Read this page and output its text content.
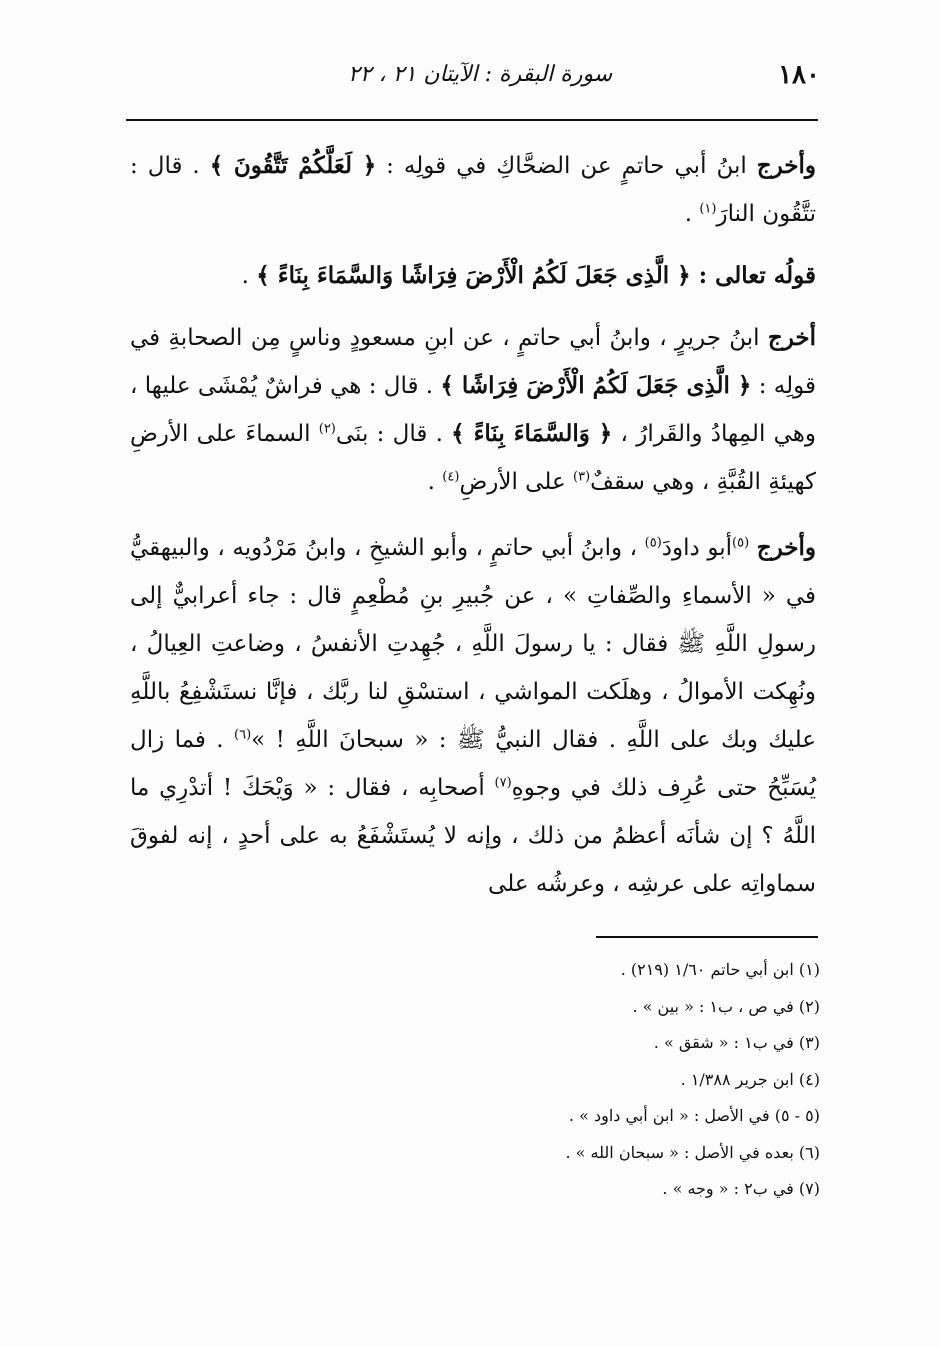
١٨٠
سورة البقرة : الآيتان ٢١ ، ٢٢

وأخرج ابنُ أبي حاتمٍ عن الضحَّاكِ في قولِه : ﴿ لَعَلَّكُمْ تَتَّقُونَ ﴾ . قال : تتَّقُون النارَ$^{(١)}$ .

قولُه تعالى : ﴿ الَّذِى جَعَلَ لَكُمُ الْأَرْضَ فِرَاشًا وَالسَّمَاءَ بِنَاءً ﴾ .

أخرج ابنُ جريرٍ ، وابنُ أبي حاتمٍ ، عن ابنِ مسعودٍ وناسٍ مِن الصحابةِ في قولِه : ﴿ الَّذِى جَعَلَ لَكُمُ الْأَرْضَ فِرَاشًا ﴾ . قال : هي فراشٌ يُمْشَى عليها ، وهي المِهادُ والقَرارُ ، ﴿ وَالسَّمَاءَ بِنَاءً ﴾ . قال : بنَى$^{(٢)}$ السماءَ على الأرضِ كهيئةِ القُبَّةِ ، وهي سقفٌ$^{(٣)}$ على الأرضِ$^{(٤)}$ .

وأخرج $^{(٥)}$أبو داودَ$^{(٥)}$ ، وابنُ أبي حاتمٍ ، وأبو الشيخِ ، وابنُ مَرْدُويه ، والبيهقيُّ في « الأسماءِ والصِّفاتِ » ، عن جُبيرِ بنِ مُطْعِمٍ قال : جاء أعرابيٌّ إلى رسولِ اللَّهِ ﷺ فقال : يا رسولَ اللَّهِ ، جُهِدتِ الأنفسُ ، وضاعتِ العِيالُ ، ونُهِكت الأموالُ ، وهلَكت المواشي ، استسْقِ لنا ربَّك ، فإنَّا نستَشْفِعُ باللَّهِ عليك وبك على اللَّهِ . فقال النبيُّ ﷺ : « سبحانَ اللَّهِ ! »$^{(٦)}$ . فما زال يُسَبِّحُ حتى عُرِف ذلك في وجوهِ$^{(٧)}$ أصحابِه ، فقال : « وَيْحَكَ ! أتدْرِي ما اللَّهُ ؟ إن شأنَه أعظمُ من ذلك ، وإنه لا يُستَشْفَعُ به على أحدٍ ، إنه لفوقَ سماواتِه على عرشِه ، وعرشُه على

(١) ابن أبي حاتم ١/٦٠ (٢١٩) .

(٢) في ص ، ب١ : « بين » .

(٣) في ب١ : « شقق » .

(٤) ابن جرير ١/٣٨٨ .

(٥ - ٥) في الأصل : « ابن أبي داود » .

(٦) بعده في الأصل : « سبحان الله » .

(٧) في ب٢ : « وجه » .
